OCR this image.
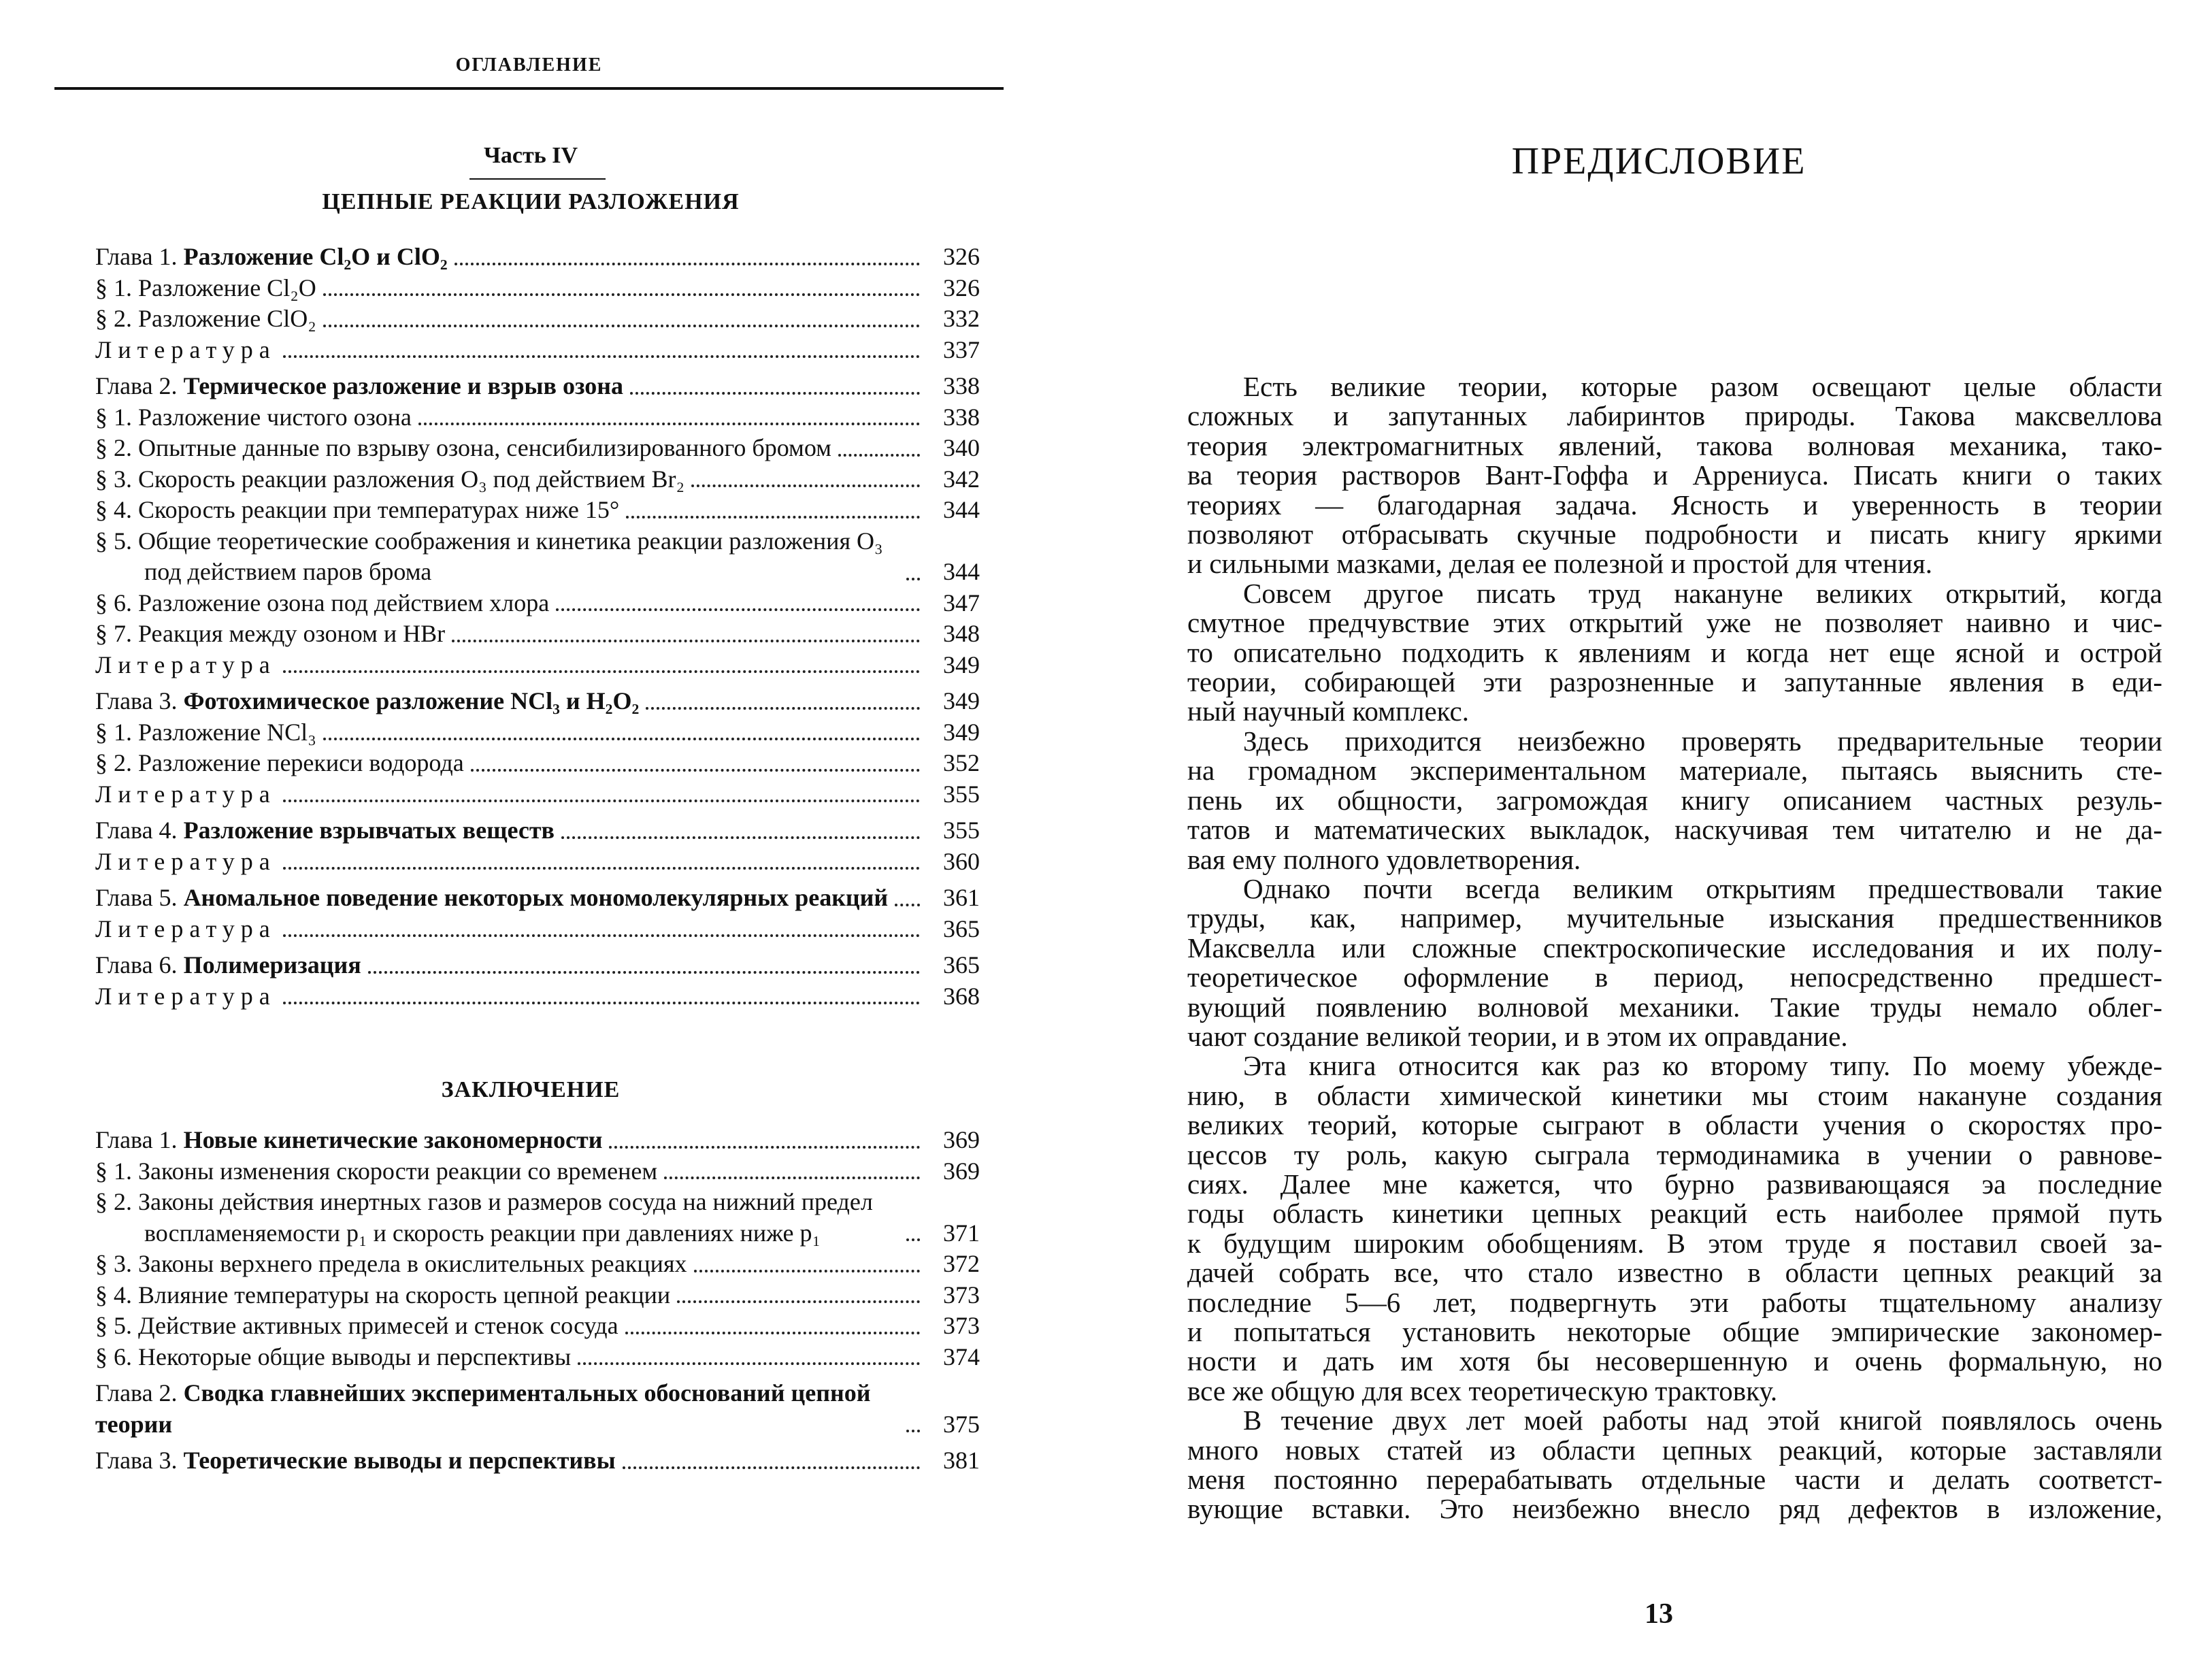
ОГЛАВЛЕНИЕ
Часть IV
ЦЕПНЫЕ РЕАКЦИИ РАЗЛОЖЕНИЯ
Глава 1. Разложение Cl₂O и ClO₂	326
§ 1. Разложение Cl₂O	326
§ 2. Разложение ClO₂	332
Литература	337
Глава 2. Термическое разложение и взрыв озона	338
§ 1. Разложение чистого озона	338
§ 2. Опытные данные по взрыву озона, сенсибилизированного бромом	340
§ 3. Скорость реакции разложения O₃ под действием Br₂	342
§ 4. Скорость реакции при температурах ниже 15°	344
§ 5. Общие теоретические соображения и кинетика реакции разложения O₃ под действием паров брома	344
§ 6. Разложение озона под действием хлора	347
§ 7. Реакция между озоном и HBr	348
Литература	349
Глава 3. Фотохимическое разложение NCl₃ и H₂O₂	349
§ 1. Разложение NCl₃	349
§ 2. Разложение перекиси водорода	352
Литература	355
Глава 4. Разложение взрывчатых веществ	355
Литература	360
Глава 5. Аномальное поведение некоторых мономолекулярных реакций	361
Литература	365
Глава 6. Полимеризация	365
Литература	368
ЗАКЛЮЧЕНИЕ
Глава 1. Новые кинетические закономерности	369
§ 1. Законы изменения скорости реакции со временем	369
§ 2. Законы действия инертных газов и размеров сосуда на нижний предел воспламеняемости p₁ и скорость реакции при давлениях ниже p₁	371
§ 3. Законы верхнего предела в окислительных реакциях	372
§ 4. Влияние температуры на скорость цепной реакции	373
§ 5. Действие активных примесей и стенок сосуда	373
§ 6. Некоторые общие выводы и перспективы	374
Глава 2. Сводка главнейших экспериментальных обоснований цепной теории	375
Глава 3. Теоретические выводы и перспективы	381
ПРЕДИСЛОВИЕ
Есть великие теории, которые разом освещают целые области
сложных и запутанных лабиринтов природы. Такова максвеллова
теория электромагнитных явлений, такова волновая механика, тако-
ва теория растворов Вант-Гоффа и Аррениуса. Писать книги о таких
теориях — благодарная задача. Ясность и уверенность в теории
позволяют отбрасывать скучные подробности и писать книгу яркими
и сильными мазками, делая ее полезной и простой для чтения.
Совсем другое писать труд накануне великих открытий, когда
смутное предчувствие этих открытий уже не позволяет наивно и чис-
то описательно подходить к явлениям и когда нет еще ясной и острой
теории, собирающей эти разрозненные и запутанные явления в еди-
ный научный комплекс.
Здесь приходится неизбежно проверять предварительные теории
на громадном экспериментальном материале, пытаясь выяснить сте-
пень их общности, загромождая книгу описанием частных резуль-
татов и математических выкладок, наскучивая тем читателю и не да-
вая ему полного удовлетворения.
Однако почти всегда великим открытиям предшествовали такие
труды, как, например, мучительные изыскания предшественников
Максвелла или сложные спектроскопические исследования и их полу-
теоретическое оформление в период, непосредственно предшест-
вующий появлению волновой механики. Такие труды немало облег-
чают создание великой теории, и в этом их оправдание.
Эта книга относится как раз ко второму типу. По моему убежде-
нию, в области химической кинетики мы стоим накануне создания
великих теорий, которые сыграют в области учения о скоростях про-
цессов ту роль, какую сыграла термодинамика в учении о равнове-
сиях. Далее мне кажется, что бурно развивающаяся эа последние
годы область кинетики цепных реакций есть наиболее прямой путь
к будущим широким обобщениям. В этом труде я поставил своей за-
дачей собрать все, что стало известно в области цепных реакций за
последние 5—6 лет, подвергнуть эти работы тщательному анализу
и попытаться установить некоторые общие эмпирические закономер-
ности и дать им хотя бы несовершенную и очень формальную, но
все же общую для всех теоретическую трактовку.
В течение двух лет моей работы над этой книгой появлялось очень
много новых статей из области цепных реакций, которые заставляли
меня постоянно перерабатывать отдельные части и делать соответст-
вующие вставки. Это неизбежно внесло ряд дефектов в изложение,
13
